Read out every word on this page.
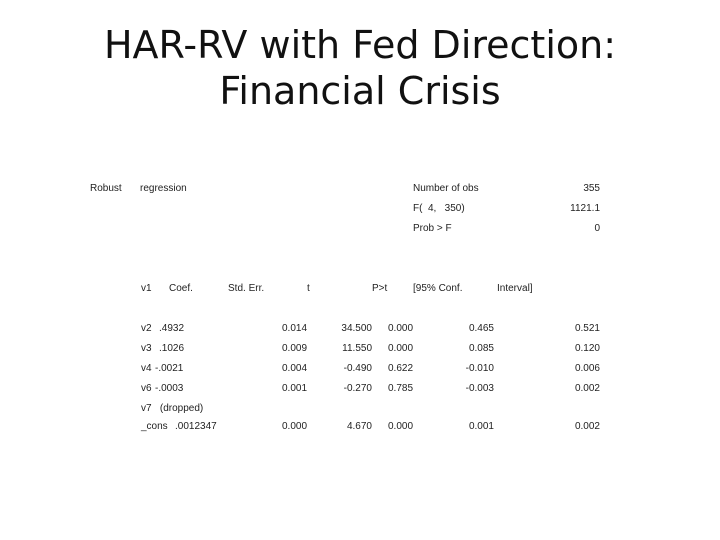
HAR-RV with Fed Direction: Financial Crisis
Robust regression	Number of obs	355
F(  4,   350)	1121.1
Prob > F	0
v1 Coef.	Std. Err.	t	P>t	[95% Conf.	Interval]
v2 .4932	0.014	34.500 0.000	0.465	0.521
v3 .1026	0.009	11.550 0.000	0.085	0.120
v4 -.0021	0.004	-0.490 0.622	-0.010	0.006
v6 -.0003	0.001	-0.270 0.785	-0.003	0.002
v7   (dropped)
_cons .0012347	0.000	4.670 0.000	0.001	0.002
